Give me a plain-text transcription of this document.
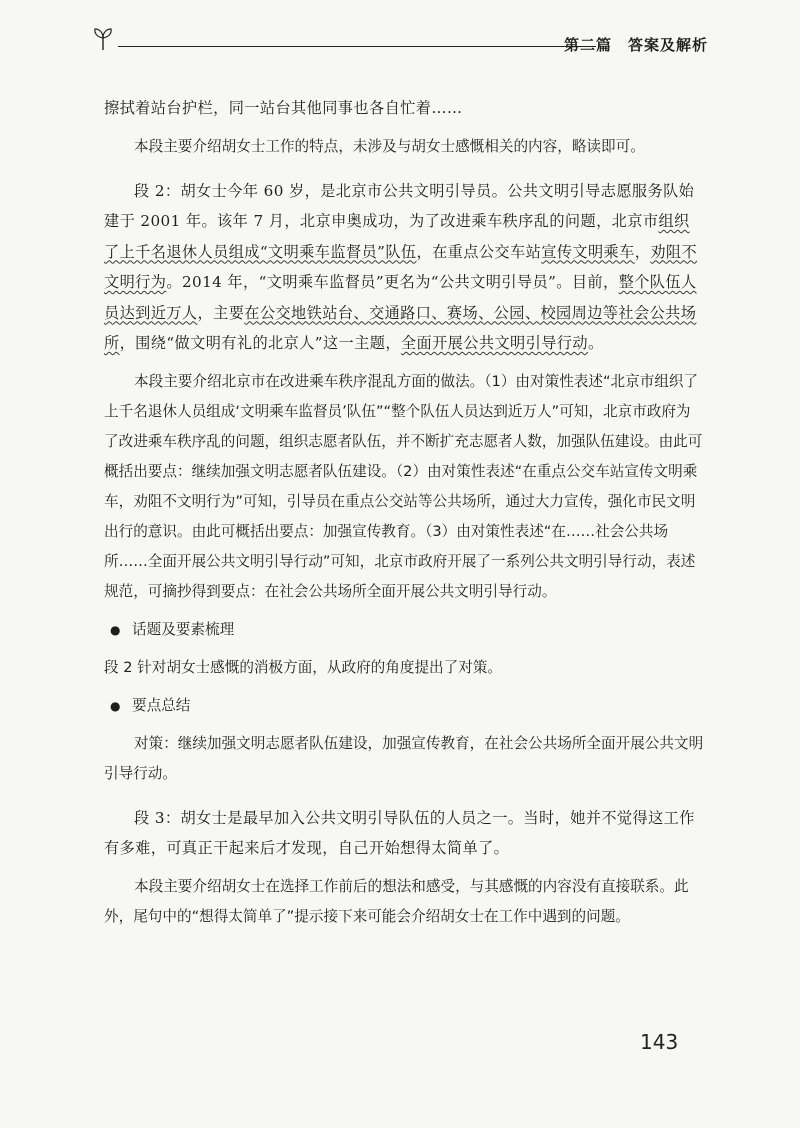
第二篇　答案及解析

擦拭着站台护栏，同一站台其他同事也各自忙着……

本段主要介绍胡女士工作的特点，未涉及与胡女士感慨相关的内容，略读即可。

段 2：胡女士今年 60 岁，是北京市公共文明引导员。公共文明引导志愿服务队始建于 2001 年。该年 7 月，北京申奥成功，为了改进乘车秩序乱的问题，北京市组织了上千名退休人员组成“文明乘车监督员”队伍，在重点公交车站宣传文明乘车，劝阻不文明行为。2014 年，“文明乘车监督员”更名为“公共文明引导员”。目前，整个队伍人员达到近万人，主要在公交地铁站台、交通路口、赛场、公园、校园周边等社会公共场所，围绕“做文明有礼的北京人”这一主题，全面开展公共文明引导行动。

本段主要介绍北京市在改进乘车秩序混乱方面的做法。（1）由对策性表述“北京市组织了上千名退休人员组成‘文明乘车监督员’队伍”“整个队伍人员达到近万人”可知，北京市政府为了改进乘车秩序乱的问题，组织志愿者队伍，并不断扩充志愿者人数，加强队伍建设。由此可概括出要点：继续加强文明志愿者队伍建设。（2）由对策性表述“在重点公交车站宣传文明乘车，劝阻不文明行为”可知，引导员在重点公交站等公共场所，通过大力宣传，强化市民文明出行的意识。由此可概括出要点：加强宣传教育。（3）由对策性表述“在……社会公共场所……全面开展公共文明引导行动”可知，北京市政府开展了一系列公共文明引导行动，表述规范，可摘抄得到要点：在社会公共场所全面开展公共文明引导行动。

● 话题及要素梳理

段 2 针对胡女士感慨的消极方面，从政府的角度提出了对策。

● 要点总结

对策：继续加强文明志愿者队伍建设，加强宣传教育，在社会公共场所全面开展公共文明引导行动。

段 3：胡女士是最早加入公共文明引导队伍的人员之一。当时，她并不觉得这工作有多难，可真正干起来后才发现，自己开始想得太简单了。

本段主要介绍胡女士在选择工作前后的想法和感受，与其感慨的内容没有直接联系。此外，尾句中的“想得太简单了”提示接下来可能会介绍胡女士在工作中遇到的问题。

143
